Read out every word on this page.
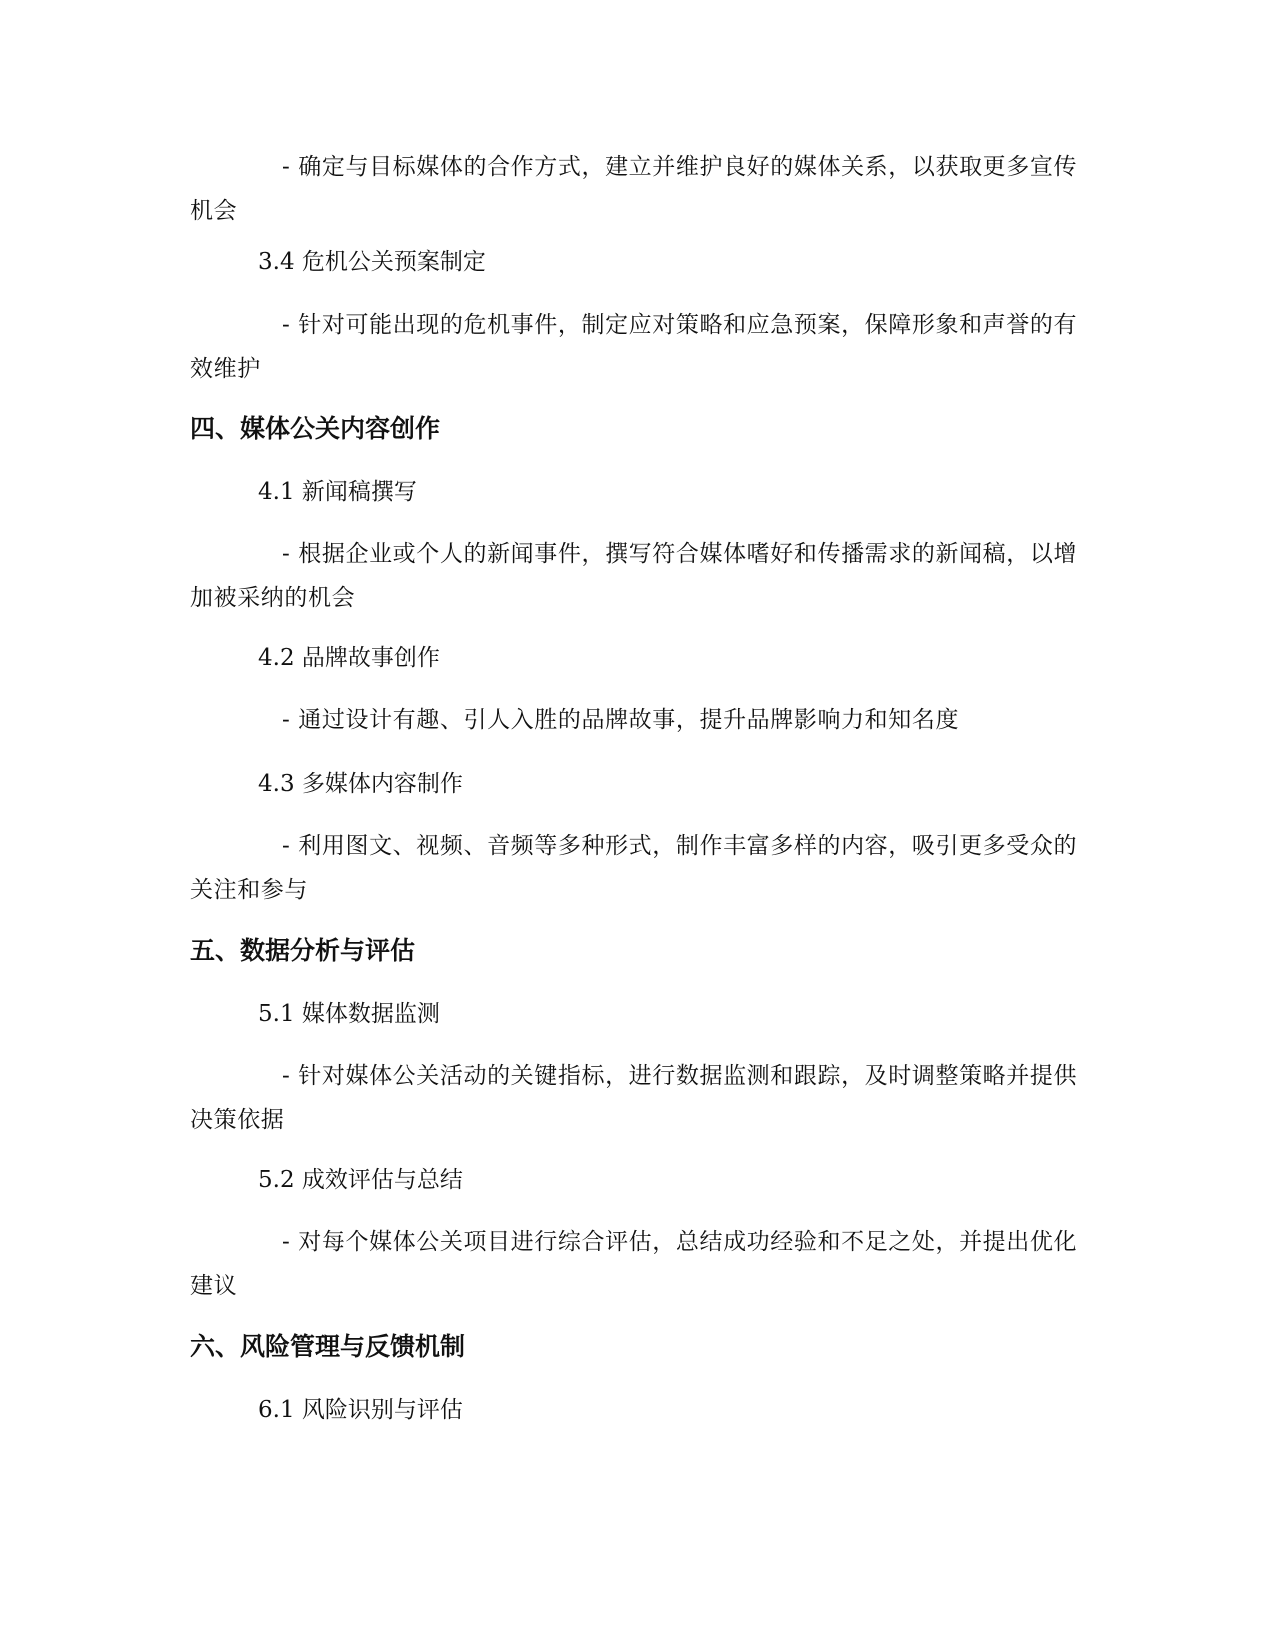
- 确定与目标媒体的合作方式，建立并维护良好的媒体关系，以获取更多宣传机会

3.4 危机公关预案制定

- 针对可能出现的危机事件，制定应对策略和应急预案，保障形象和声誉的有效维护

四、媒体公关内容创作
4.1 新闻稿撰写

- 根据企业或个人的新闻事件，撰写符合媒体嗜好和传播需求的新闻稿，以增加被采纳的机会

4.2 品牌故事创作

- 通过设计有趣、引人入胜的品牌故事，提升品牌影响力和知名度

4.3 多媒体内容制作

- 利用图文、视频、音频等多种形式，制作丰富多样的内容，吸引更多受众的关注和参与

五、数据分析与评估
5.1 媒体数据监测

- 针对媒体公关活动的关键指标，进行数据监测和跟踪，及时调整策略并提供决策依据

5.2 成效评估与总结

- 对每个媒体公关项目进行综合评估，总结成功经验和不足之处，并提出优化建议

六、风险管理与反馈机制
6.1 风险识别与评估
